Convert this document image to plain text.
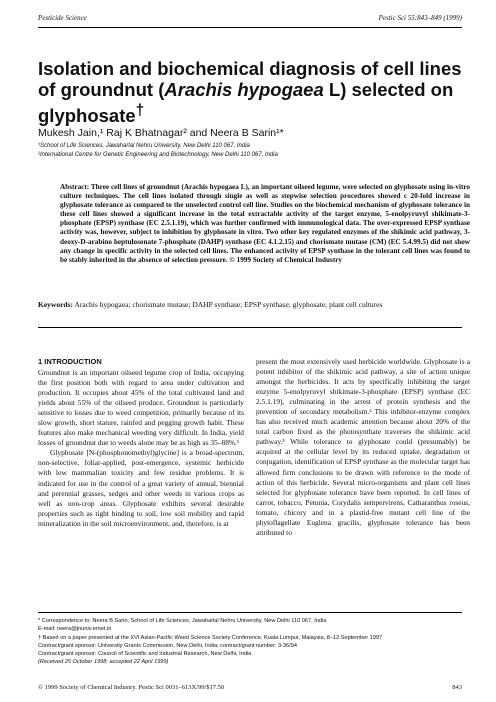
Pesticide Science	Pestic Sci 55:843–849 (1999)
Isolation and biochemical diagnosis of cell lines of groundnut (Arachis hypogaea L) selected on glyphosate†
Mukesh Jain,¹ Raj K Bhatnagar² and Neera B Sarin¹*
¹School of Life Sciences, Jawaharlal Nehru University, New Delhi 110 067, India
²International Centre for Genetic Engineering and Biotechnology, New Delhi 110 067, India
Abstract: Three cell lines of groundnut (Arachis hypogaea L), an important oilseed legume, were selected on glyphosate using in-vitro culture techniques. The cell lines isolated through single as well as stepwise selection procedures showed c 20-fold increase in glyphosate tolerance as compared to the unselected control cell line. Studies on the biochemical mechanism of glyphosate tolerance in these cell lines showed a significant increase in the total extractable activity of the target enzyme, 5-enolpyruvyl shikimate-3-phosphate (EPSP) synthase (EC 2.5.1.19), which was further confirmed with immunological data. The over-expressed EPSP synthase activity was, however, subject to inhibition by glyphosate in vitro. Two other key regulated enzymes of the shikimic acid pathway, 3-deoxy-D-arabino heptulosonate 7-phosphate (DAHP) synthase (EC 4.1.2.15) and chorismate mutase (CM) (EC 5.4.99.5) did not show any change in specific activity in the selected cell lines. The enhanced activity of EPSP synthase in the tolerant cell lines was found to be stably inherited in the absence of selection pressure. © 1999 Society of Chemical Industry
Keywords: Arachis hypogaea; chorismate mutase; DAHP synthase; EPSP synthase; glyphosate; plant cell cultures
1 INTRODUCTION

Groundnut is an important oilseed legume crop of India, occupying the first position both with regard to area under cultivation and production. It occupies about 45% of the total cultivated land and yields about 55% of the oilseed produce. Groundnut is particularly sensitive to losses due to weed competition, primarily because of its slow growth, short stature, rainfed and pegging growth habit. These features also make mechanical weeding very difficult. In India, yield losses of groundnut due to weeds alone may be as high as 35–88%.¹

Glyphosate [N-(phosphonomethyl)glycine] is a broad-spectrum, non-selective, foliar-applied, post-emergence, systemic herbicide with low mammalian toxicity and few residue problems. It is indicated for use in the control of a great variety of annual, biennial and perennial grasses, sedges and other weeds in various crops as well as non-crop areas. Glyphosate exhibits several desirable properties such as tight binding to soil, low soil mobility and rapid mineralization in the soil microenvironment, and, therefore, is at

present the most extensively used herbicide worldwide. Glyphosate is a potent inhibitor of the shikimic acid pathway, a site of action unique amongst the herbicides. It acts by specifically inhibiting the target enzyme 5-enolpyruvyl shikimate-3-phosphate (EPSP) synthase (EC 2.5.1.19), culminating in the arrest of protein synthesis and the prevention of secondary metabolism.² This inhibitor-enzyme complex has also received much academic attention because about 20% of the total carbon fixed as the photosynthate traverses the shikimic acid pathway.³ While tolerance to glyphosate could (presumably) be acquired at the cellular level by its reduced uptake, degradation or conjugation, identification of EPSP synthase as the molecular target has allowed firm conclusions to be drawn with reference to the mode of action of this herbicide. Several micro-organisms and plant cell lines selected for glyphosate tolerance have been reported. In cell lines of carrot, tobacco, Petunia, Corydalis sempervirens, Catharanthus roseus, tomato, chicory and in a plastid-free mutant cell line of the phytoflagellate Euglena gracilis, glyphosate tolerance has been attributed to

* Correspondence to: Neera B Sarin, School of Life Sciences, Jawaharlal Nehru University, New Delhi 110 067, India
E-mail: neera@jnuniv.ernet.in
† Based on a paper presented at the XVI Asian-Pacific Weed Science Society Conference, Kuala Lumpur, Malaysia, 8–12 September 1997
Contract/grant sponsor: University Grants Commission, New Delhi, India; contract/grant number: 3-36/94
Contract/grant sponsor: Council of Scientific and Industrial Research, New Delhi, India
(Received 25 October 1998; accepted 22 April 1999)
© 1999 Society of Chemical Industry. Pestic Sci 0031–613X/99/$17.50	843
